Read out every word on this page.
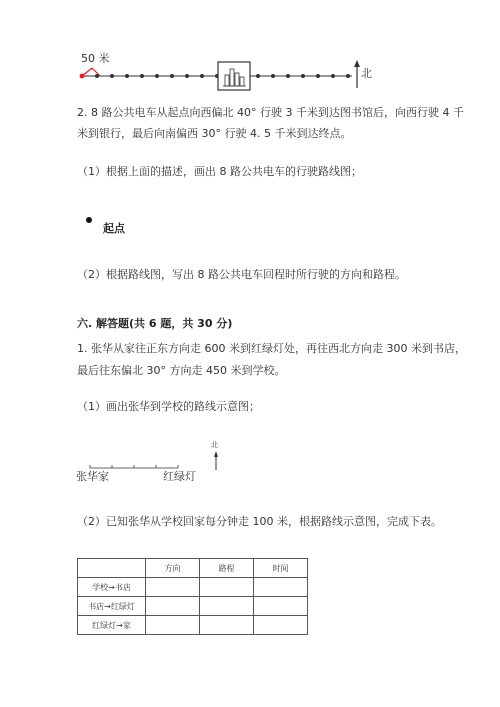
50 米
北
2. 8 路公共电车从起点向西偏北 40° 行驶 3 千米到达图书馆后，向西行驶 4 千
米到银行，最后向南偏西 30° 行驶 4. 5 千米到达终点。
（1）根据上面的描述，画出 8 路公共电车的行驶路线图；
起点
（2）根据路线图，写出 8 路公共电车回程时所行驶的方向和路程。
六. 解答题(共 6 题，共 30 分)
1. 张华从家往正东方向走 600 米到红绿灯处，再往西北方向走 300 米到书店，
最后往东偏北 30° 方向走 450 米到学校。
（1）画出张华到学校的路线示意图；
北
张华家	红绿灯
（2）已知张华从学校回家每分钟走 100 米，根据路线示意图，完成下表。
	方向	路程	时间
学校→书店			
书店→红绿灯			
红绿灯→家			
